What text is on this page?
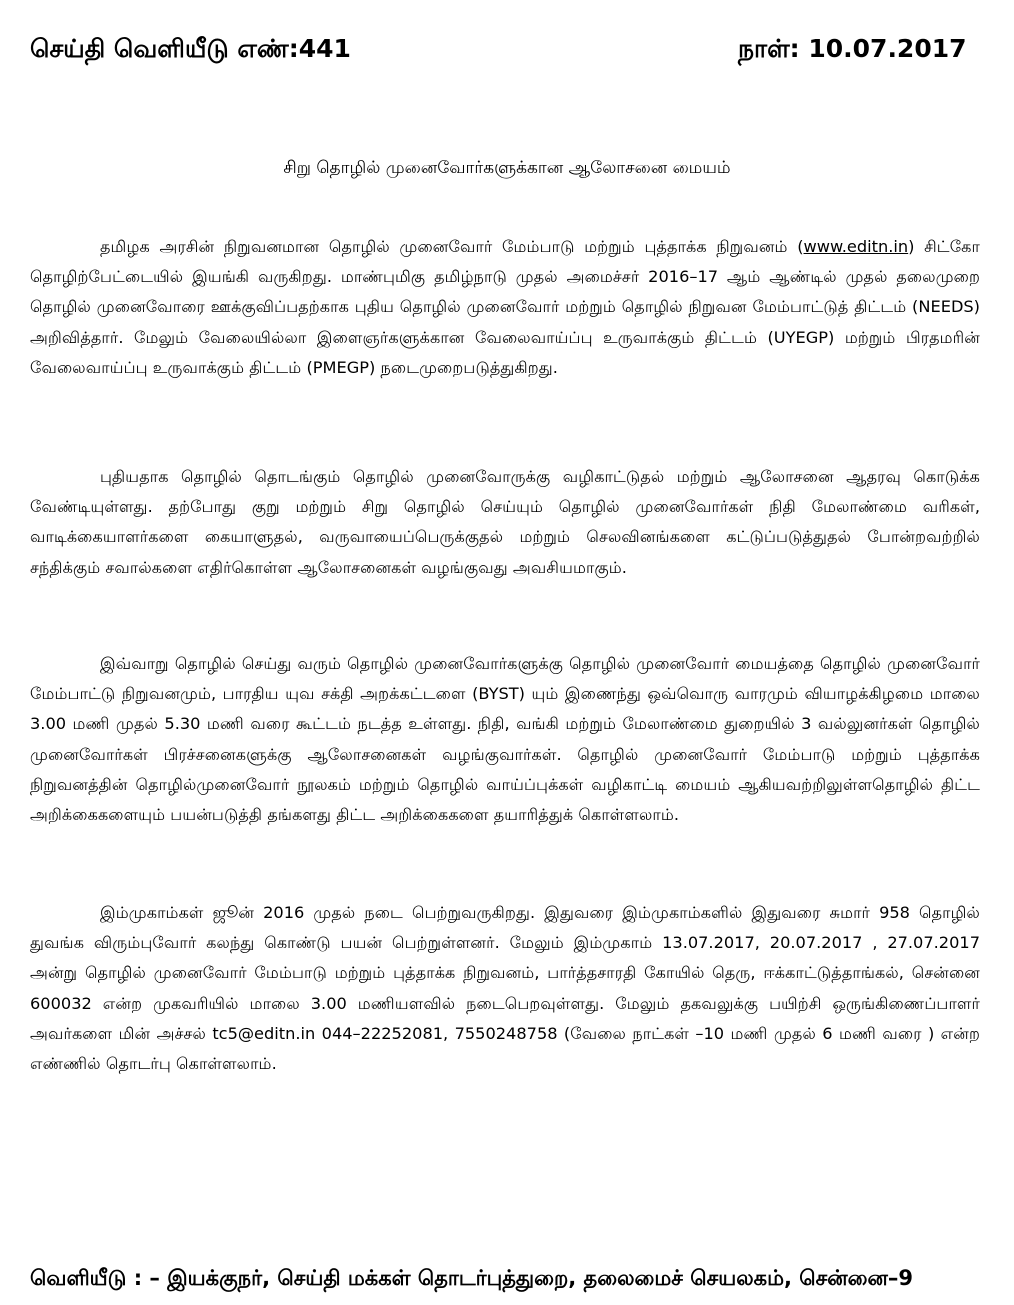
செய்தி வெளியீடு எண்:441	நாள்: 10.07.2017
சிறு தொழில் முனைவோர்களுக்கான ஆலோசனை மையம்

தமிழக அரசின் நிறுவனமான தொழில் முனைவோர் மேம்பாடு மற்றும் புத்தாக்க நிறுவனம் (www.editn.in) சிட்கோ தொழிற்பேட்டையில் இயங்கி வருகிறது. மாண்புமிகு தமிழ்நாடு முதல் அமைச்சர் 2016–17 ஆம் ஆண்டில் முதல் தலைமுறை தொழில் முனைவோரை ஊக்குவிப்பதற்காக புதிய தொழில் முனைவோர் மற்றும் தொழில் நிறுவன மேம்பாட்டுத் திட்டம் (NEEDS) அறிவித்தார். மேலும் வேலையில்லா இளைஞர்களுக்கான வேலைவாய்ப்பு உருவாக்கும் திட்டம் (UYEGP) மற்றும் பிரதமரின் வேலைவாய்ப்பு உருவாக்கும் திட்டம் (PMEGP) நடைமுறைபடுத்துகிறது.

புதியதாக தொழில் தொடங்கும் தொழில் முனைவோருக்கு வழிகாட்டுதல் மற்றும் ஆலோசனை ஆதரவு கொடுக்க வேண்டியுள்ளது. தற்போது குறு மற்றும் சிறு தொழில் செய்யும் தொழில் முனைவோர்கள் நிதி மேலாண்மை வரிகள், வாடிக்கையாளர்களை கையாளுதல், வருவாயைப்பெருக்குதல் மற்றும் செலவினங்களை கட்டுப்படுத்துதல் போன்றவற்றில் சந்திக்கும் சவால்களை எதிர்கொள்ள ஆலோசனைகள் வழங்குவது அவசியமாகும்.

இவ்வாறு தொழில் செய்து வரும் தொழில் முனைவோர்களுக்கு தொழில் முனைவோர் மையத்தை தொழில் முனைவோர் மேம்பாட்டு நிறுவனமும், பாரதிய யுவ சக்தி அறக்கட்டளை (BYST) யும் இணைந்து ஒவ்வொரு வாரமும் வியாழக்கிழமை மாலை 3.00 மணி முதல் 5.30 மணி வரை கூட்டம் நடத்த உள்ளது. நிதி, வங்கி மற்றும் மேலாண்மை துறையில் 3 வல்லுனர்கள் தொழில் முனைவோர்கள் பிரச்சனைகளுக்கு ஆலோசனைகள் வழங்குவார்கள். தொழில் முனைவோர் மேம்பாடு மற்றும் புத்தாக்க நிறுவனத்தின் தொழில்முனைவோர் நூலகம் மற்றும் தொழில் வாய்ப்புக்கள் வழிகாட்டி மையம் ஆகியவற்றிலுள்ளதொழில் திட்ட அறிக்கைகளையும் பயன்படுத்தி தங்களது திட்ட அறிக்கைகளை தயாரித்துக் கொள்ளலாம்.

இம்முகாம்கள் ஜூன் 2016 முதல் நடை பெற்றுவருகிறது. இதுவரை இம்முகாம்களில் இதுவரை சுமார் 958 தொழில் துவங்க விரும்புவோர் கலந்து கொண்டு பயன் பெற்றுள்ளனர். மேலும் இம்முகாம் 13.07.2017, 20.07.2017 , 27.07.2017 அன்று தொழில் முனைவோர் மேம்பாடு மற்றும் புத்தாக்க நிறுவனம், பார்த்தசாரதி கோயில் தெரு, ஈக்காட்டுத்தாங்கல், சென்னை 600032 என்ற முகவரியில் மாலை 3.00 மணியளவில் நடைபெறவுள்ளது. மேலும் தகவலுக்கு பயிற்சி ஒருங்கிணைப்பாளர் அவர்களை மின் அச்சல் tc5@editn.in 044–22252081, 7550248758 (வேலை நாட்கள் –10 மணி முதல் 6 மணி வரை ) என்ற எண்ணில் தொடர்பு கொள்ளலாம்.

வெளியீடு : – இயக்குநர், செய்தி மக்கள் தொடர்புத்துறை, தலைமைச் செயலகம், சென்னை–9
